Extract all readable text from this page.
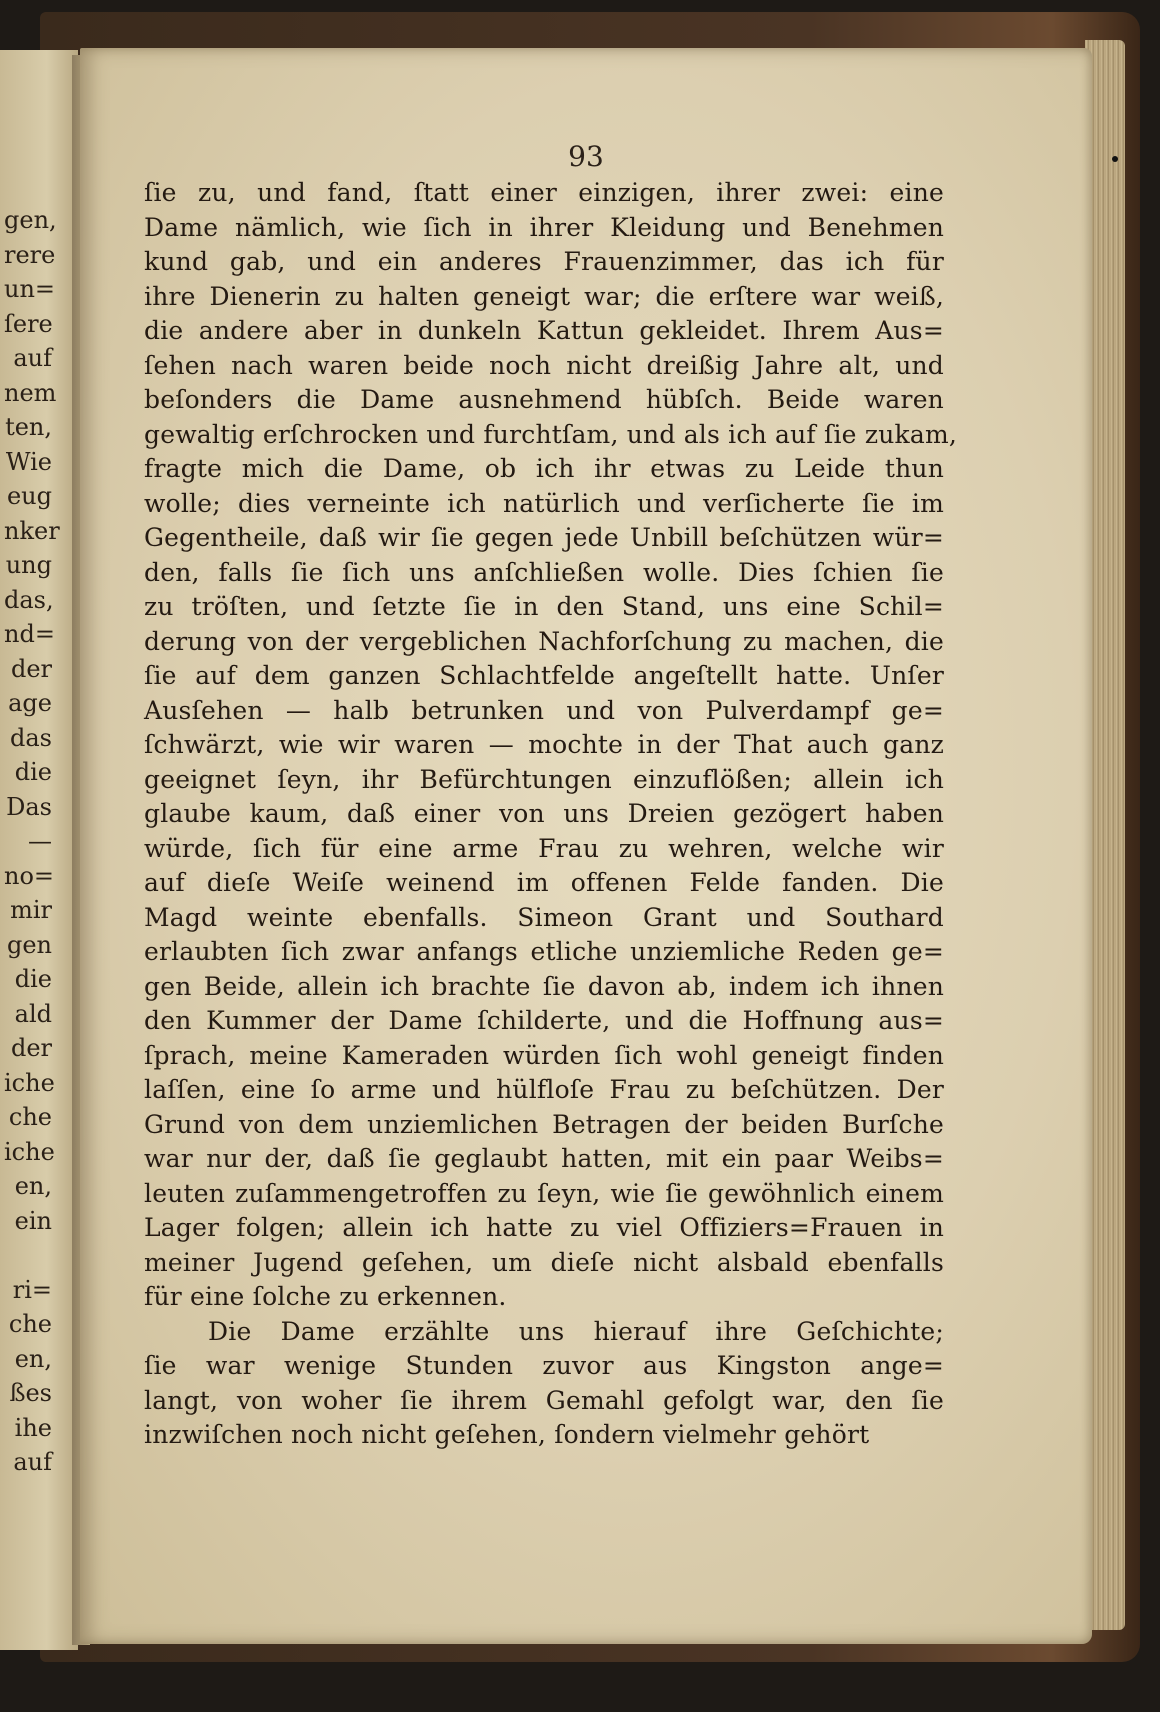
gen,
rere
un=
ſere
auf
nem
ten,
Wie
eug
nker
ung
das,
nd=
der
age
das
die
Das
—
no=
mir
gen
die
ald
der
iche
che
iche
en,
ein
ri=
che
en,
ßes
ihe
auf
93
ſie zu, und fand, ſtatt einer einzigen, ihrer zwei: eine
Dame nämlich, wie ſich in ihrer Kleidung und Benehmen
kund gab, und ein anderes Frauenzimmer, das ich für
ihre Dienerin zu halten geneigt war; die erſtere war weiß,
die andere aber in dunkeln Kattun gekleidet. Ihrem Aus=
ſehen nach waren beide noch nicht dreißig Jahre alt, und
beſonders die Dame ausnehmend hübſch. Beide waren
gewaltig erſchrocken und furchtſam, und als ich auf ſie zukam,
fragte mich die Dame, ob ich ihr etwas zu Leide thun
wolle; dies verneinte ich natürlich und verſicherte ſie im
Gegentheile, daß wir ſie gegen jede Unbill beſchützen wür=
den, falls ſie ſich uns anſchließen wolle. Dies ſchien ſie
zu tröſten, und ſetzte ſie in den Stand, uns eine Schil=
derung von der vergeblichen Nachforſchung zu machen, die
ſie auf dem ganzen Schlachtfelde angeſtellt hatte. Unſer
Ausſehen — halb betrunken und von Pulverdampf ge=
ſchwärzt, wie wir waren — mochte in der That auch ganz
geeignet ſeyn, ihr Befürchtungen einzuflößen; allein ich
glaube kaum, daß einer von uns Dreien gezögert haben
würde, ſich für eine arme Frau zu wehren, welche wir
auf dieſe Weiſe weinend im offenen Felde fanden. Die
Magd weinte ebenfalls. Simeon Grant und Southard
erlaubten ſich zwar anfangs etliche unziemliche Reden ge=
gen Beide, allein ich brachte ſie davon ab, indem ich ihnen
den Kummer der Dame ſchilderte, und die Hoffnung aus=
ſprach, meine Kameraden würden ſich wohl geneigt finden
laſſen, eine ſo arme und hülfloſe Frau zu beſchützen. Der
Grund von dem unziemlichen Betragen der beiden Burſche
war nur der, daß ſie geglaubt hatten, mit ein paar Weibs=
leuten zuſammengetroffen zu ſeyn, wie ſie gewöhnlich einem
Lager folgen; allein ich hatte zu viel Offiziers=Frauen in
meiner Jugend geſehen, um dieſe nicht alsbald ebenfalls
für eine ſolche zu erkennen.
Die Dame erzählte uns hierauf ihre Geſchichte;
ſie war wenige Stunden zuvor aus Kingston ange=
langt, von woher ſie ihrem Gemahl gefolgt war, den ſie
inzwiſchen noch nicht geſehen, ſondern vielmehr gehört
